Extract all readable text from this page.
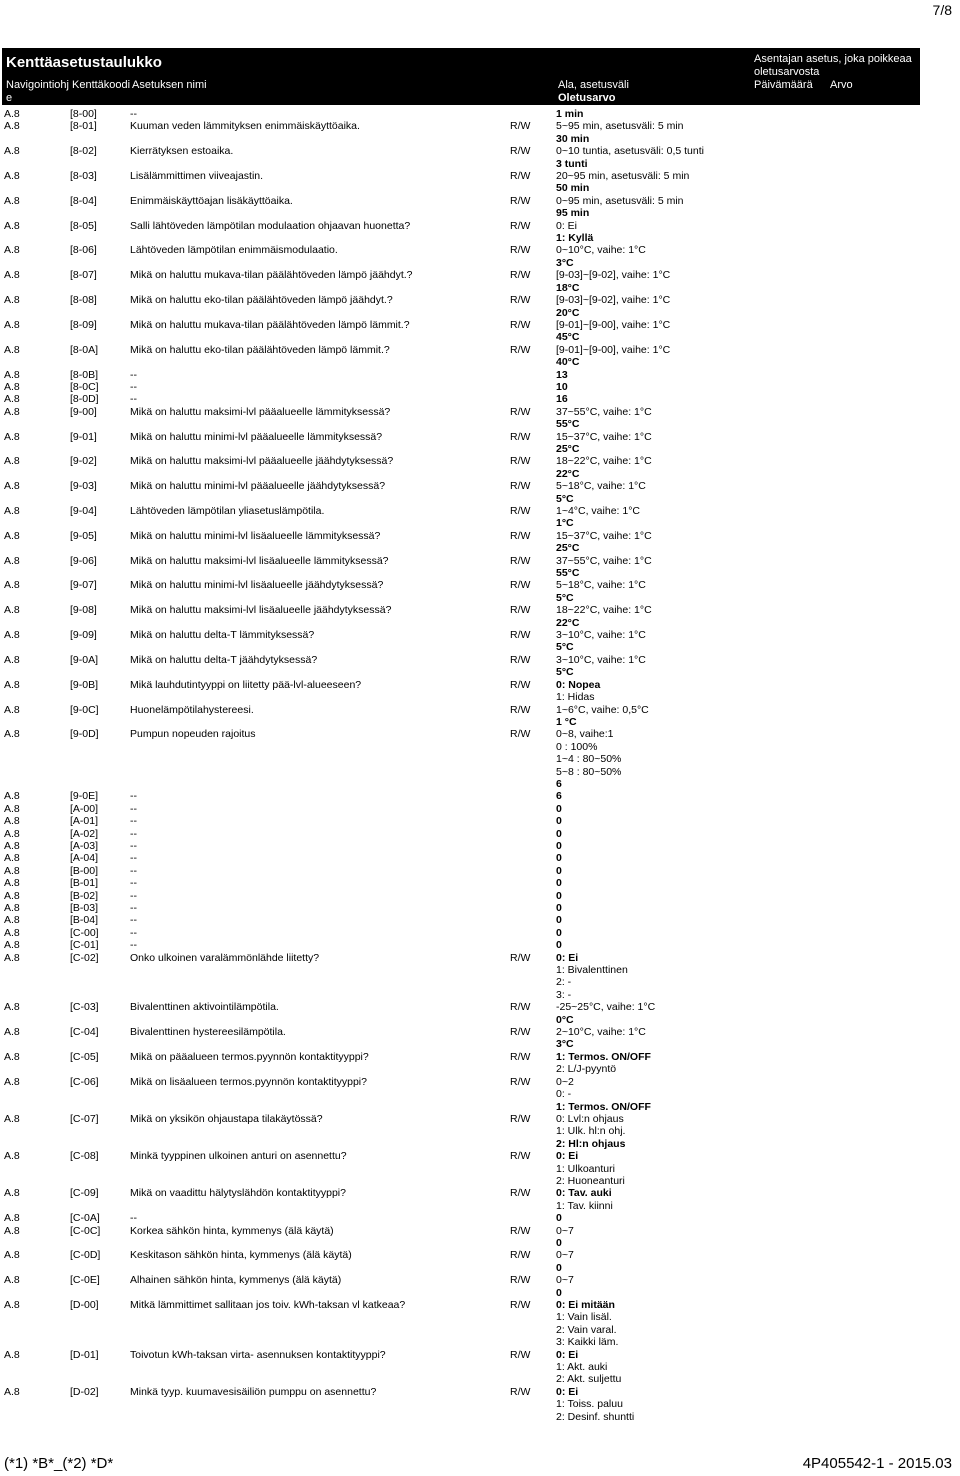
7/8
Kenttäasetustaulukko
Navigointiohj
e
Kenttäkoodi Asetuksen nimi	Ala, asetusväli
Oletusarvo
Asentajan asetus, joka poikkeaa
oletusarvosta
Päivämäärä Arvo
A.8	[8-00]	--	1 min
A.8	[8-01]	Kuuman veden lämmityksen enimmäiskäyttöaika.	R/W	5~95 min, asetusväli: 5 min
30 min
A.8	[8-02]	Kierrätyksen estoaika.	R/W	0~10 tuntia, asetusväli: 0,5 tunti
3 tunti
A.8	[8-03]	Lisälämmittimen viiveajastin.	R/W	20~95 min, asetusväli: 5 min
50 min
A.8	[8-04]	Enimmäiskäyttöajan lisäkäyttöaika.	R/W	0~95 min, asetusväli: 5 min
95 min
A.8	[8-05]	Salli lähtöveden lämpötilan modulaation ohjaavan huonetta?	R/W	0: Ei
1: Kyllä
A.8	[8-06]	Lähtöveden lämpötilan enimmäismodulaatio.	R/W	0~10°C, vaihe: 1°C
3°C
A.8	[8-07]	Mikä on haluttu mukava-tilan päälähtöveden lämpö jäähdyt.?	R/W	[9-03]~[9-02], vaihe: 1°C
18°C
A.8	[8-08]	Mikä on haluttu eko-tilan päälähtöveden lämpö jäähdyt.?	R/W	[9-03]~[9-02], vaihe: 1°C
20°C
A.8	[8-09]	Mikä on haluttu mukava-tilan päälähtöveden lämpö lämmit.?	R/W	[9-01]~[9-00], vaihe: 1°C
45°C
A.8	[8-0A]	Mikä on haluttu eko-tilan päälähtöveden lämpö lämmit.?	R/W	[9-01]~[9-00], vaihe: 1°C
40°C
A.8	[8-0B]	--	13
A.8	[8-0C]	--	10
A.8	[8-0D]	--	16
A.8	[9-00]	Mikä on haluttu maksimi-lvl pääalueelle lämmityksessä?	R/W	37~55°C, vaihe: 1°C
55°C
A.8	[9-01]	Mikä on haluttu minimi-lvl pääalueelle lämmityksessä?	R/W	15~37°C, vaihe: 1°C
25°C
A.8	[9-02]	Mikä on haluttu maksimi-lvl pääalueelle jäähdytyksessä?	R/W	18~22°C, vaihe: 1°C
22°C
A.8	[9-03]	Mikä on haluttu minimi-lvl pääalueelle jäähdytyksessä?	R/W	5~18°C, vaihe: 1°C
5°C
A.8	[9-04]	Lähtöveden lämpötilan yliasetuslämpötila.	R/W	1~4°C, vaihe: 1°C
1°C
A.8	[9-05]	Mikä on haluttu minimi-lvl lisäalueelle lämmityksessä?	R/W	15~37°C, vaihe: 1°C
25°C
A.8	[9-06]	Mikä on haluttu maksimi-lvl lisäalueelle lämmityksessä?	R/W	37~55°C, vaihe: 1°C
55°C
A.8	[9-07]	Mikä on haluttu minimi-lvl lisäalueelle jäähdytyksessä?	R/W	5~18°C, vaihe: 1°C
5°C
A.8	[9-08]	Mikä on haluttu maksimi-lvl lisäalueelle jäähdytyksessä?	R/W	18~22°C, vaihe: 1°C
22°C
A.8	[9-09]	Mikä on haluttu delta-T lämmityksessä?	R/W	3~10°C, vaihe: 1°C
5°C
A.8	[9-0A]	Mikä on haluttu delta-T jäähdytyksessä?	R/W	3~10°C, vaihe: 1°C
5°C
A.8	[9-0B]	Mikä lauhdutintyyppi on liitetty pää-lvl-alueeseen?	R/W	0: Nopea
1: Hidas
A.8	[9-0C]	Huonelämpötilahystereesi.	R/W	1~6°C, vaihe: 0,5°C
1 °C
A.8	[9-0D]	Pumpun nopeuden rajoitus	R/W	0~8, vaihe:1
0 : 100%
1~4 : 80~50%
5~8 : 80~50%
6
A.8	[9-0E]	--	6
A.8	[A-00]	--	0
A.8	[A-01]	--	0
A.8	[A-02]	--	0
A.8	[A-03]	--	0
A.8	[A-04]	--	0
A.8	[B-00]	--	0
A.8	[B-01]	--	0
A.8	[B-02]	--	0
A.8	[B-03]	--	0
A.8	[B-04]	--	0
A.8	[C-00]	--	0
A.8	[C-01]	--	0
A.8	[C-02]	Onko ulkoinen varalämmönlähde liitetty?	R/W	0: Ei
1: Bivalenttinen
2: -
3: -
A.8	[C-03]	Bivalenttinen aktivointilämpötila.	R/W	-25~25°C, vaihe: 1°C
0°C
A.8	[C-04]	Bivalenttinen hystereesilämpötila.	R/W	2~10°C, vaihe: 1°C
3°C
A.8	[C-05]	Mikä on pääalueen termos.pyynnön kontaktityyppi?	R/W	1: Termos. ON/OFF
2: L/J-pyyntö
A.8	[C-06]	Mikä on lisäalueen termos.pyynnön kontaktityyppi?	R/W	0~2
0: -
1: Termos. ON/OFF
A.8	[C-07]	Mikä on yksikön ohjaustapa tilakäytössä?	R/W	0: Lvl:n ohjaus
1: Ulk. hl:n ohj.
2: Hl:n ohjaus
A.8	[C-08]	Minkä tyyppinen ulkoinen anturi on asennettu?	R/W	0: Ei
1: Ulkoanturi
2: Huoneanturi
A.8	[C-09]	Mikä on vaadittu hälytyslähdön kontaktityyppi?	R/W	0: Tav. auki
1: Tav. kiinni
A.8	[C-0A]	--	0
A.8	[C-0C]	Korkea sähkön hinta, kymmenys (älä käytä)	R/W	0~7
0
A.8	[C-0D]	Keskitason sähkön hinta, kymmenys (älä käytä)	R/W	0~7
0
A.8	[C-0E]	Alhainen sähkön hinta, kymmenys (älä käytä)	R/W	0~7
0
A.8	[D-00]	Mitkä lämmittimet sallitaan jos toiv. kWh-taksan vl katkeaa?	R/W	0: Ei mitään
1: Vain lisäl.
2: Vain varal.
3: Kaikki läm.
A.8	[D-01]	Toivotun kWh-taksan virta- asennuksen kontaktityyppi?	R/W	0: Ei
1: Akt. auki
2: Akt. suljettu
A.8	[D-02]	Minkä tyyp. kuumavesisäiliön pumppu on asennettu?	R/W	0: Ei
1: Toiss. paluu
2: Desinf. shuntti
(*1) *B*_(*2) *D*	4P405542-1 - 2015.03
